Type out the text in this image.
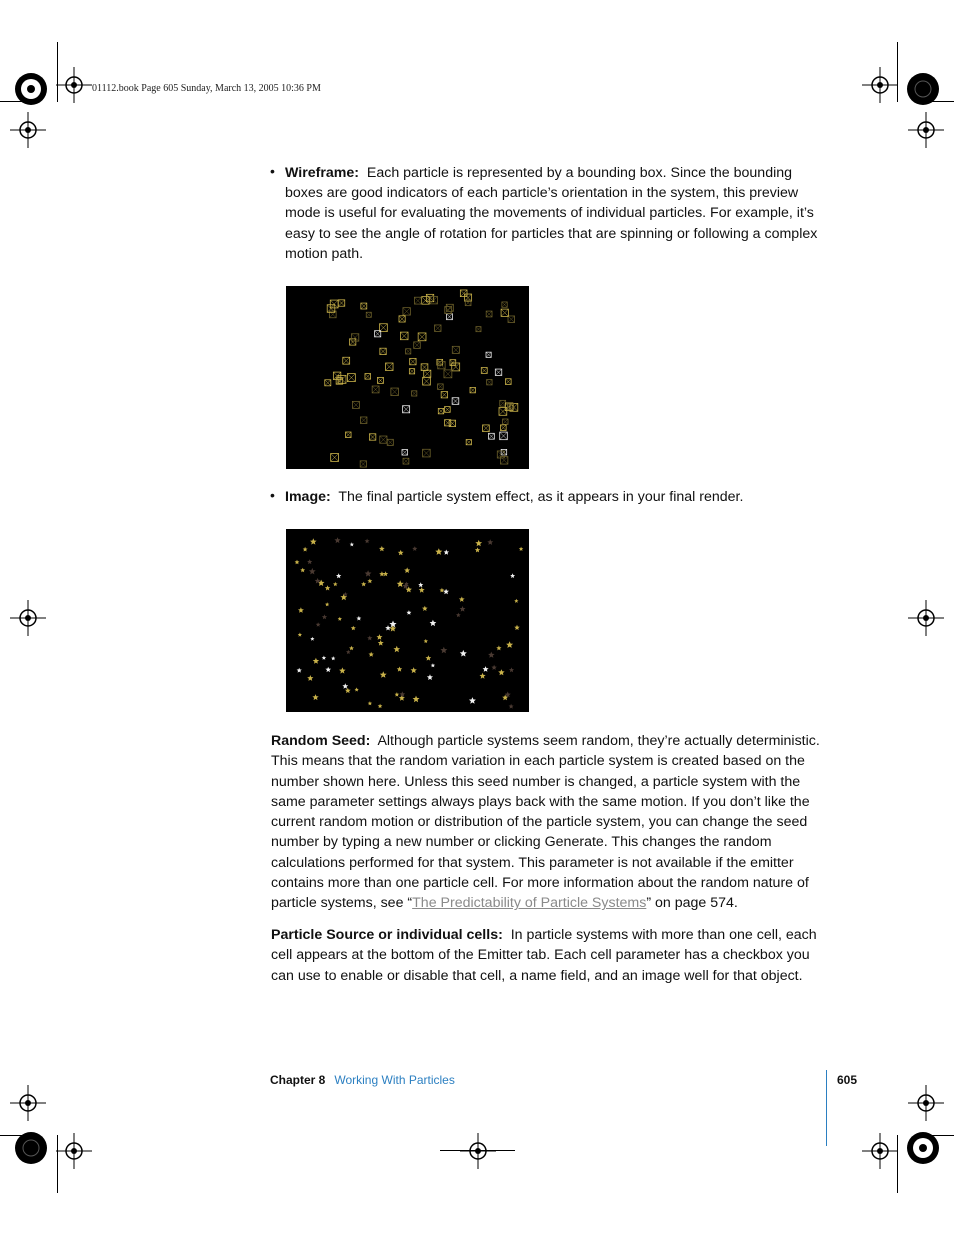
01112.book Page 605 Sunday, March 13, 2005 10:36 PM
• Wireframe: Each particle is represented by a bounding box. Since the bounding boxes are good indicators of each particle’s orientation in the system, this preview mode is useful for evaluating the movements of individual particles. For example, it’s easy to see the angle of rotation for particles that are spinning or following a complex motion path.
• Image: The final particle system effect, as it appears in your final render.
Random Seed: Although particle systems seem random, they’re actually deterministic. This means that the random variation in each particle system is created based on the number shown here. Unless this seed number is changed, a particle system with the same parameter settings always plays back with the same motion. If you don’t like the current random motion or distribution of the particle system, you can change the seed number by typing a new number or clicking Generate. This changes the random calculations performed for that system. This parameter is not available if the emitter contains more than one particle cell. For more information about the random nature of particle systems, see “The Predictability of Particle Systems” on page 574.
Particle Source or individual cells: In particle systems with more than one cell, each cell appears at the bottom of the Emitter tab. Each cell parameter has a checkbox you can use to enable or disable that cell, a name field, and an image well for that object.
Chapter 8 Working With Particles	605
